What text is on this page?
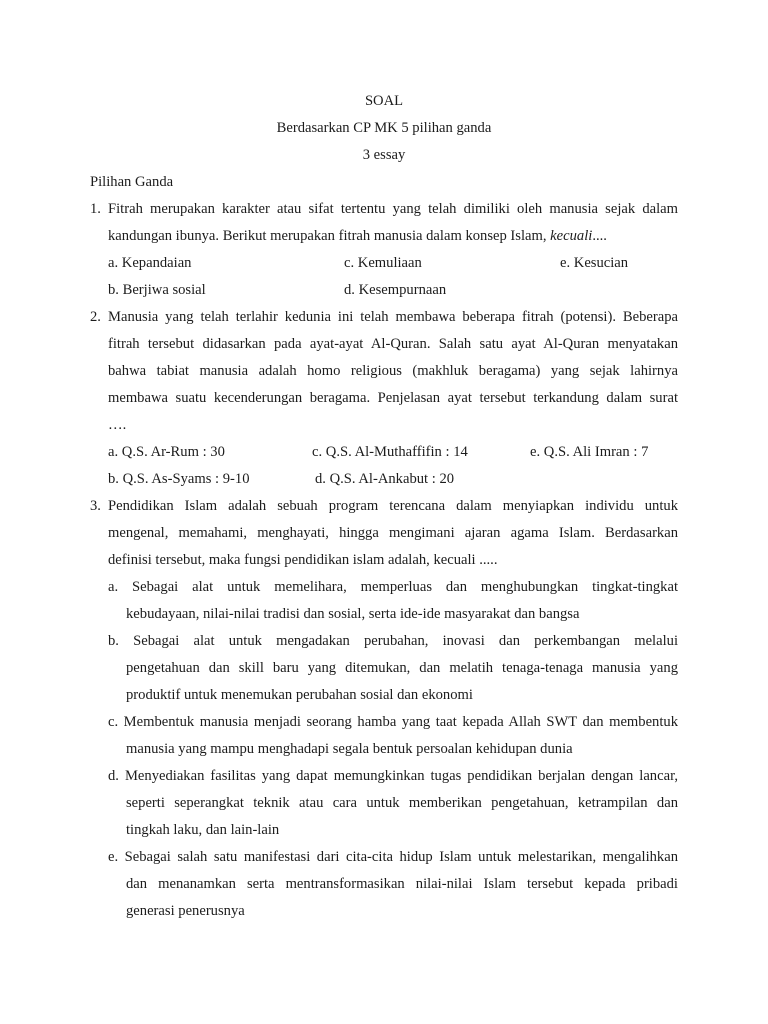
SOAL
Berdasarkan CP MK 5 pilihan ganda
3 essay
Pilihan Ganda
1. Fitrah merupakan karakter atau sifat tertentu yang telah dimiliki oleh manusia sejak dalam
kandungan ibunya. Berikut merupakan fitrah manusia dalam konsep Islam, kecuali....
a. Kepandaian	c. Kemuliaan	e. Kesucian
b. Berjiwa sosial	d. Kesempurnaan
2. Manusia yang telah terlahir kedunia ini telah membawa beberapa fitrah (potensi). Beberapa
fitrah tersebut didasarkan pada ayat-ayat Al-Quran. Salah satu ayat Al-Quran menyatakan
bahwa tabiat manusia adalah homo religious (makhluk beragama) yang sejak lahirnya
membawa suatu kecenderungan beragama. Penjelasan ayat tersebut terkandung dalam surat
….
a. Q.S. Ar-Rum : 30	c. Q.S. Al-Muthaffifin : 14	e. Q.S. Ali Imran : 7
b. Q.S. As-Syams : 9-10	d. Q.S. Al-Ankabut : 20
3. Pendidikan Islam adalah sebuah program terencana dalam menyiapkan individu untuk
mengenal, memahami, menghayati, hingga mengimani ajaran agama Islam. Berdasarkan
definisi tersebut, maka fungsi pendidikan islam adalah, kecuali .....
a. Sebagai alat untuk memelihara, memperluas dan menghubungkan tingkat-tingkat
kebudayaan, nilai-nilai tradisi dan sosial, serta ide-ide masyarakat dan bangsa
b. Sebagai alat untuk mengadakan perubahan, inovasi dan perkembangan melalui
pengetahuan dan skill baru yang ditemukan, dan melatih tenaga-tenaga manusia yang
produktif untuk menemukan perubahan sosial dan ekonomi
c. Membentuk manusia menjadi seorang hamba yang taat kepada Allah SWT dan membentuk
manusia yang mampu menghadapi segala bentuk persoalan kehidupan dunia
d. Menyediakan fasilitas yang dapat memungkinkan tugas pendidikan berjalan dengan lancar,
seperti seperangkat teknik atau cara untuk memberikan pengetahuan, ketrampilan dan
tingkah laku, dan lain-lain
e. Sebagai salah satu manifestasi dari cita-cita hidup Islam untuk melestarikan, mengalihkan
dan menanamkan serta mentransformasikan nilai-nilai Islam tersebut kepada pribadi
generasi penerusnya
